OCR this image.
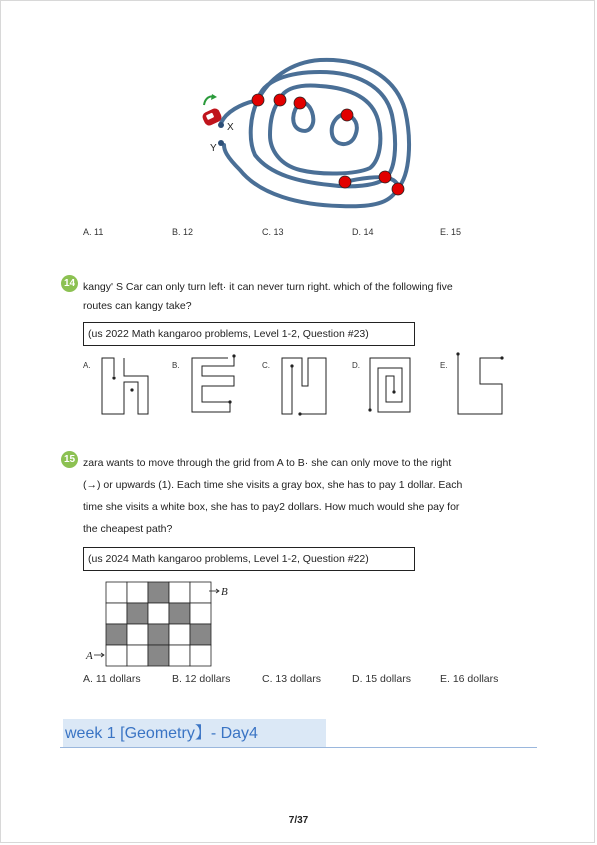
X
Y
A. 11	B. 12	C. 13	D. 14	E. 15
14 kangy' S Car can only turn left· it can never turn right. which of the following five
routes can kangy take?
(us 2022 Math kangaroo problems, Level 1-2, Question #23)
A.	B.	C.	D.	E.
15 zara wants to move through the grid from A to B· she can only move to the right
(→) or upwards (1). Each time she visits a gray box, she has to pay 1 dollar. Each
time she visits a white box, she has to pay2 dollars. How much would she pay for
the cheapest path?
(us 2024 Math kangaroo problems, Level 1-2, Question #22)
A
B
A. 11 dollars	B. 12 dollars	C. 13 dollars	D. 15 dollars	E. 16 dollars
week 1 [Geometry】- Day4
7/37
